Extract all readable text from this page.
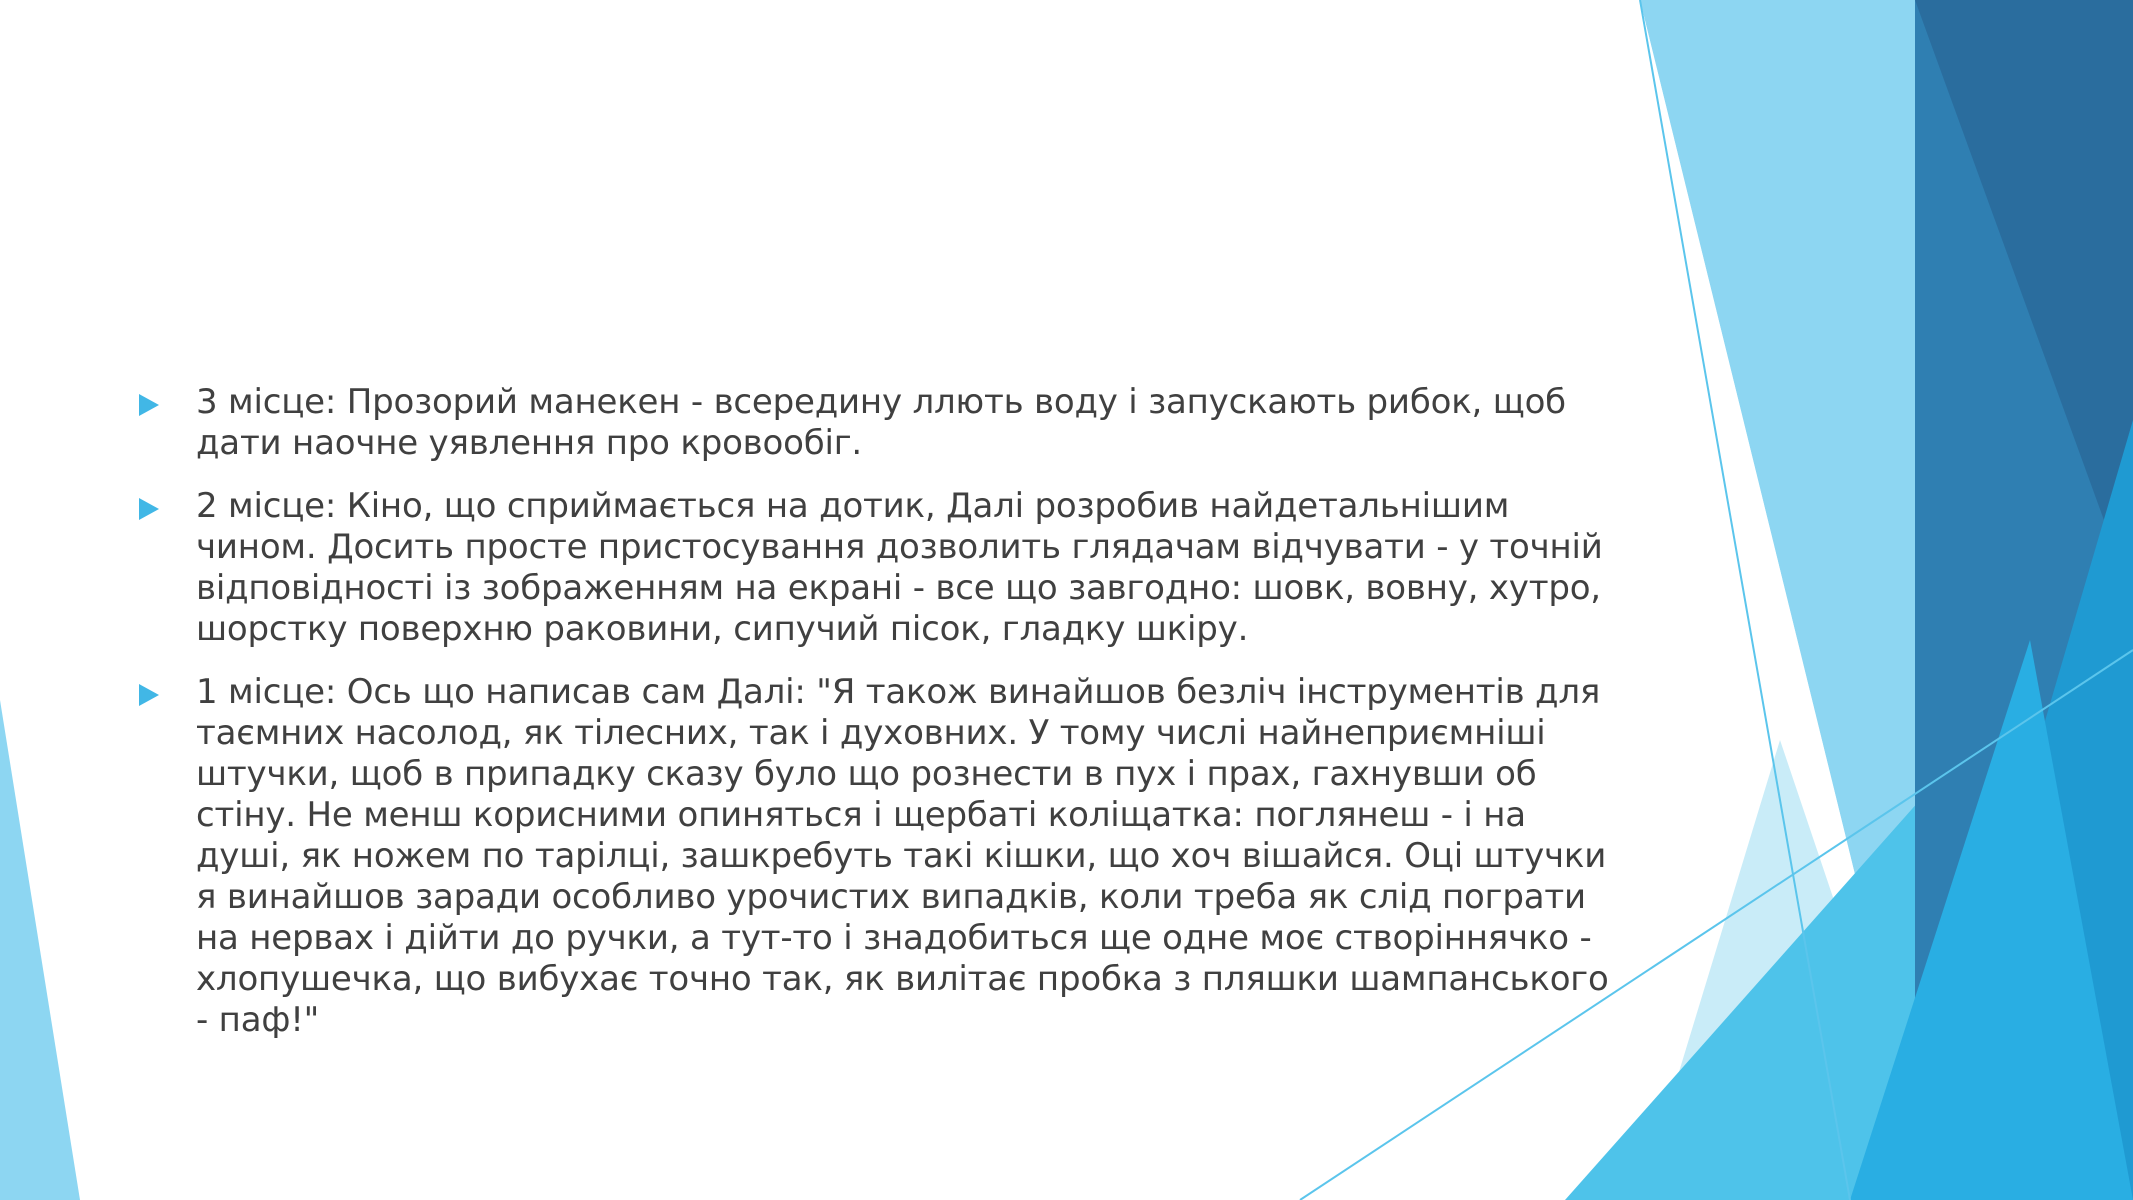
3 місце: Прозорий манекен - всередину ллють воду і запускають рибок, щоб дати наочне уявлення про кровообіг.
2 місце: Кіно, що сприймається на дотик, Далі розробив найдетальнішим чином. Досить просте пристосування дозволить глядачам відчувати - у точній відповідності із зображенням на екрані - все що завгодно: шовк, вовну, хутро, шорстку поверхню раковини, сипучий пісок, гладку шкіру.
1 місце: Ось що написав сам Далі: "Я також винайшов безліч інструментів для таємних насолод, як тілесних, так і духовних. У тому числі найнеприємніші штучки, щоб в припадку сказу було що рознести в пух і прах, гахнувши об стіну. Не менш корисними опиняться і щербаті коліщатка: поглянеш - і на душі, як ножем по тарілці, зашкребуть такі кішки, що хоч вішайся. Оці штучки я винайшов заради особливо урочистих випадків, коли треба як слід пограти на нервах і дійти до ручки, а тут-то і знадобиться ще одне моє створіннячко - хлопушечка, що вибухає точно так, як вилітає пробка з пляшки шампанського - паф!"
